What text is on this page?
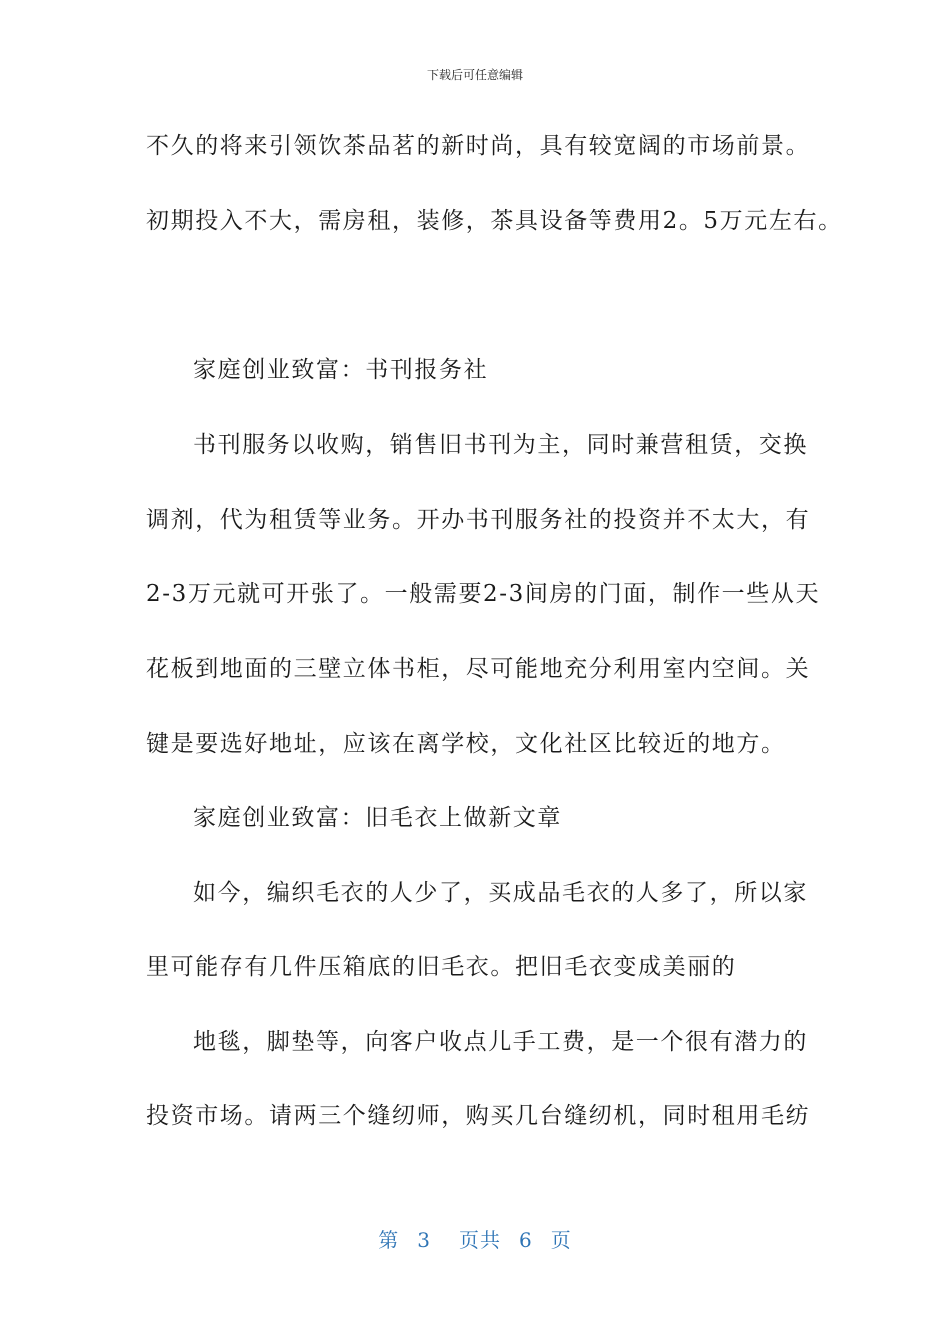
下载后可任意编辑
不久的将来引领饮茶品茗的新时尚，具有较宽阔的市场前景。
初期投入不大，需房租，装修，茶具设备等费用2。5万元左右。
家庭创业致富：书刊报务社
书刊服务以收购，销售旧书刊为主，同时兼营租赁，交换
调剂，代为租赁等业务。开办书刊服务社的投资并不太大，有
2-3万元就可开张了。一般需要2-3间房的门面，制作一些从天
花板到地面的三壁立体书柜，尽可能地充分利用室内空间。关
键是要选好地址，应该在离学校，文化社区比较近的地方。
家庭创业致富：旧毛衣上做新文章
如今，编织毛衣的人少了，买成品毛衣的人多了，所以家
里可能存有几件压箱底的旧毛衣。把旧毛衣变成美丽的
地毯，脚垫等，向客户收点儿手工费，是一个很有潜力的
投资市场。请两三个缝纫师，购买几台缝纫机，同时租用毛纺
第 3 页共 6 页
